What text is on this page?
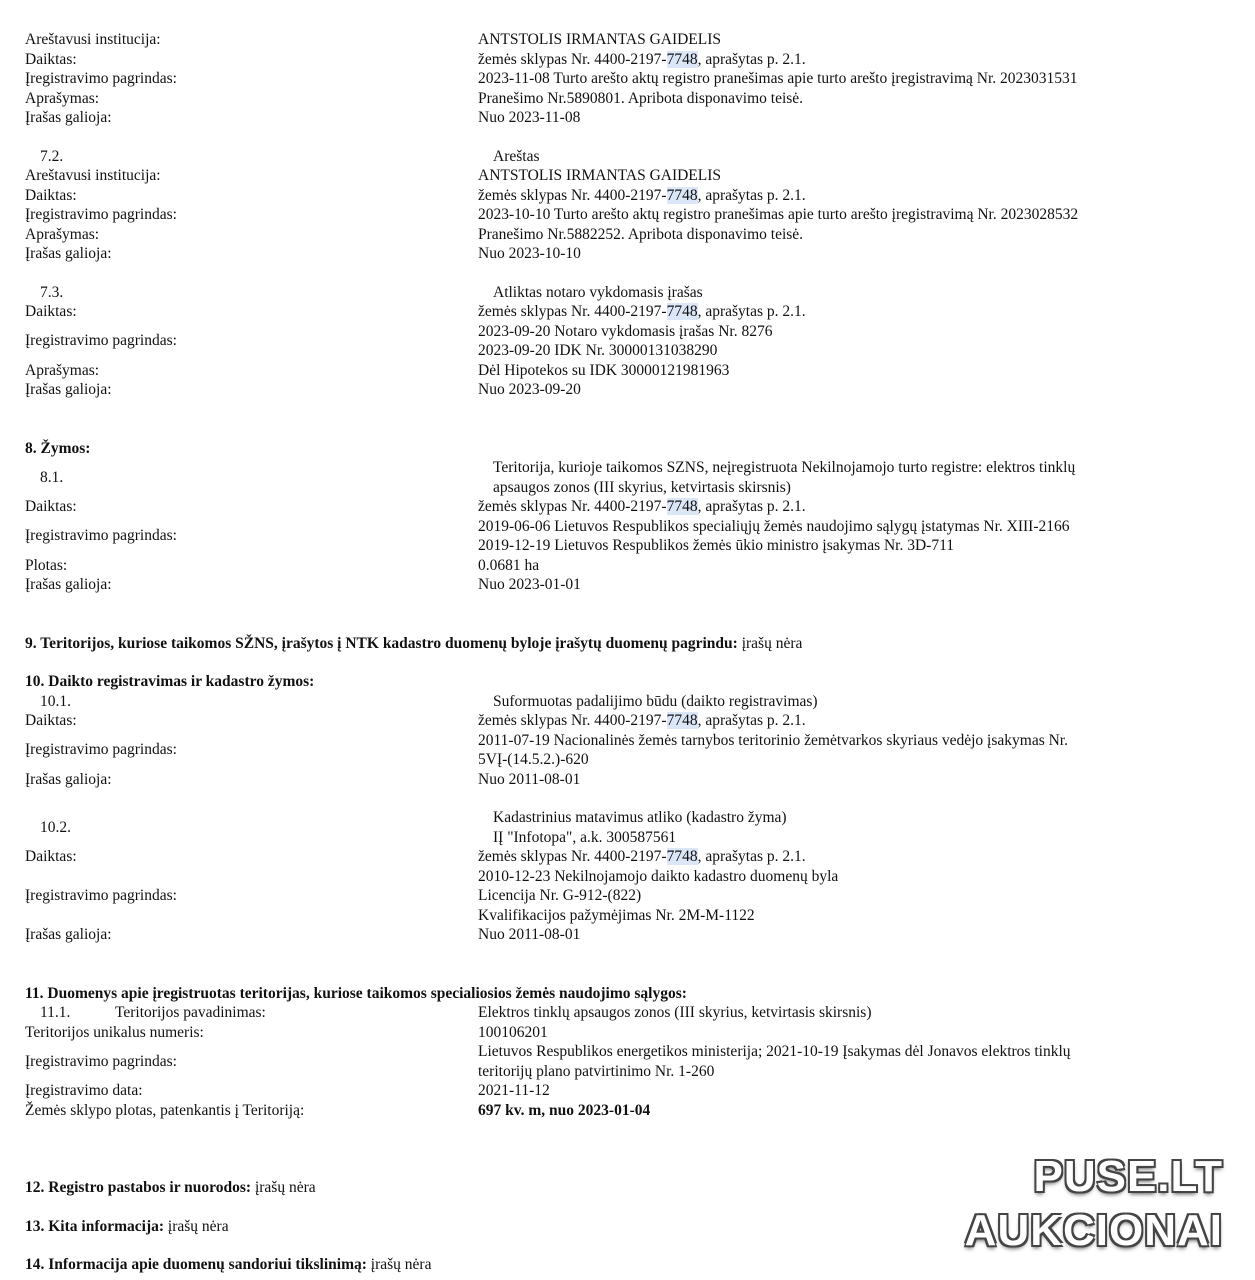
Areštavusi institucija:	ANTSTOLIS IRMANTAS GAIDELIS
Daiktas:	žemės sklypas Nr. 4400-2197-7748, aprašytas p. 2.1.
Įregistravimo pagrindas:	2023-11-08 Turto arešto aktų registro pranešimas apie turto arešto įregistravimą Nr. 2023031531
Aprašymas:	Pranešimo Nr.5890801. Apribota disponavimo teisė.
Įrašas galioja:	Nuo 2023-11-08
7.2.	Areštas
Areštavusi institucija:	ANTSTOLIS IRMANTAS GAIDELIS
Daiktas:	žemės sklypas Nr. 4400-2197-7748, aprašytas p. 2.1.
Įregistravimo pagrindas:	2023-10-10 Turto arešto aktų registro pranešimas apie turto arešto įregistravimą Nr. 2023028532
Aprašymas:	Pranešimo Nr.5882252. Apribota disponavimo teisė.
Įrašas galioja:	Nuo 2023-10-10
7.3.	Atliktas notaro vykdomasis įrašas
Daiktas:	žemės sklypas Nr. 4400-2197-7748, aprašytas p. 2.1.
Įregistravimo pagrindas:
2023-09-20 Notaro vykdomasis įrašas Nr. 8276
2023-09-20 IDK Nr. 30000131038290
Aprašymas:	Dėl Hipotekos su IDK 30000121981963
Įrašas galioja:	Nuo 2023-09-20
8. Žymos:
8.1.
Teritorija, kurioje taikomos SZNS, neįregistruota Nekilnojamojo turto registre: elektros tinklų
apsaugos zonos (III skyrius, ketvirtasis skirsnis)
Daiktas:	žemės sklypas Nr. 4400-2197-7748, aprašytas p. 2.1.
Įregistravimo pagrindas:
2019-06-06 Lietuvos Respublikos specialiųjų žemės naudojimo sąlygų įstatymas Nr. XIII-2166
2019-12-19 Lietuvos Respublikos žemės ūkio ministro įsakymas Nr. 3D-711
Plotas:	0.0681 ha
Įrašas galioja:	Nuo 2023-01-01
9. Teritorijos, kuriose taikomos SŽNS, įrašytos į NTK kadastro duomenų byloje įrašytų duomenų pagrindu: įrašų nėra
10. Daikto registravimas ir kadastro žymos:
10.1.	Suformuotas padalijimo būdu (daikto registravimas)
Daiktas:	žemės sklypas Nr. 4400-2197-7748, aprašytas p. 2.1.
Įregistravimo pagrindas:
2011-07-19 Nacionalinės žemės tarnybos teritorinio žemėtvarkos skyriaus vedėjo įsakymas Nr.
5VĮ-(14.5.2.)-620
Įrašas galioja:	Nuo 2011-08-01
10.2.
Kadastrinius matavimus atliko (kadastro žyma)
IĮ "Infotopa", a.k. 300587561
Daiktas:	žemės sklypas Nr. 4400-2197-7748, aprašytas p. 2.1.
Įregistravimo pagrindas:
2010-12-23 Nekilnojamojo daikto kadastro duomenų byla
Licencija Nr. G-912-(822)
Kvalifikacijos pažymėjimas Nr. 2M-M-1122
Įrašas galioja:	Nuo 2011-08-01
11. Duomenys apie įregistruotas teritorijas, kuriose taikomos specialiosios žemės naudojimo sąlygos:
11.1.	Teritorijos pavadinimas:	Elektros tinklų apsaugos zonos (III skyrius, ketvirtasis skirsnis)
Teritorijos unikalus numeris:	100106201
Įregistravimo pagrindas:
Lietuvos Respublikos energetikos ministerija; 2021-10-19 Įsakymas dėl Jonavos elektros tinklų
teritorijų plano patvirtinimo Nr. 1-260
Įregistravimo data:	2021-11-12
Žemės sklypo plotas, patenkantis į Teritoriją:	697 kv. m, nuo 2023-01-04
12. Registro pastabos ir nuorodos: įrašų nėra
13. Kita informacija: įrašų nėra
14. Informacija apie duomenų sandoriui tikslinimą: įrašų nėra
PUSE.LT
AUKCIONAI
